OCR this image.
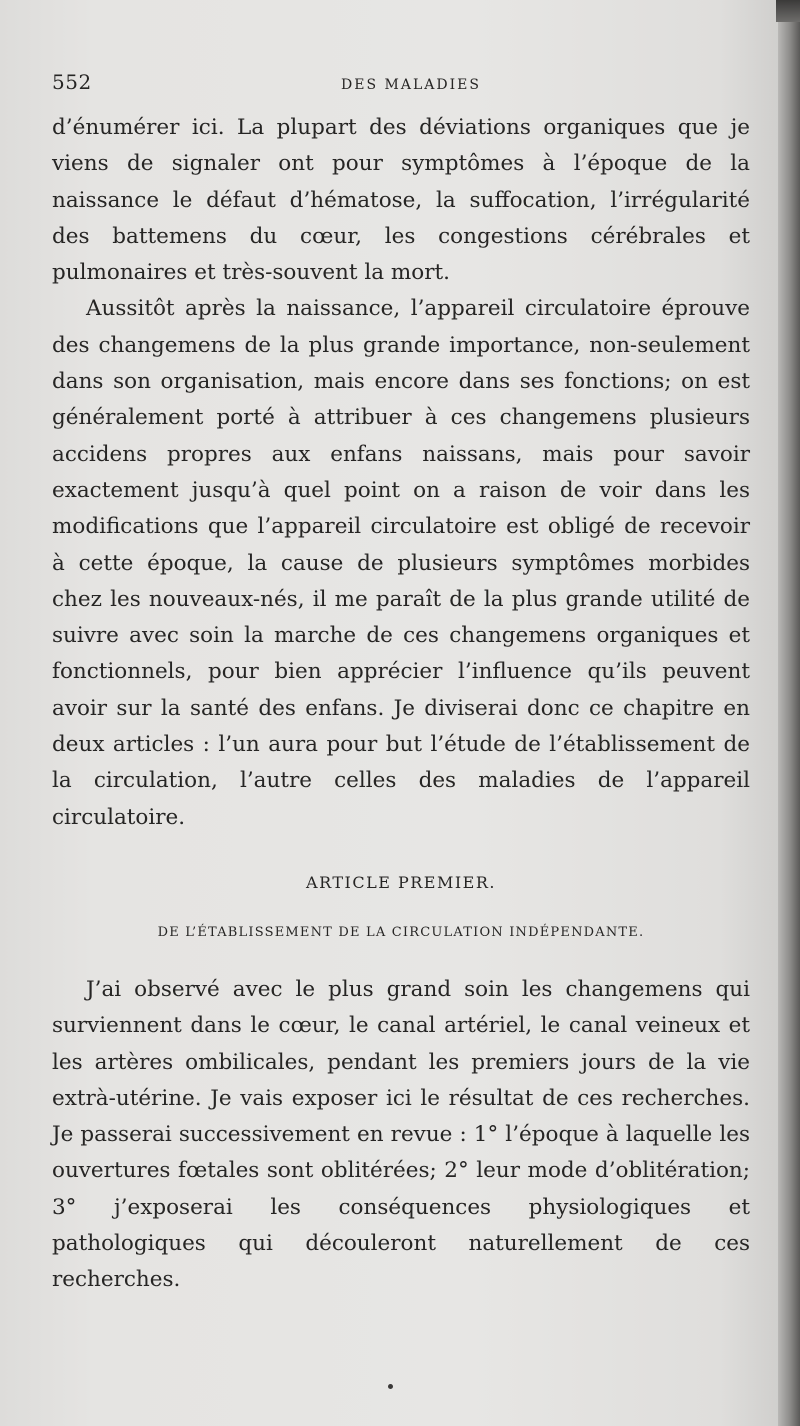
552	DES MALADIES

d’énumérer ici. La plupart des déviations organiques que je viens de signaler ont pour symptômes à l’époque de la naissance le défaut d’hématose, la suffocation, l’irrégularité des battemens du cœur, les congestions cérébrales et pulmonaires et très-souvent la mort.

Aussitôt après la naissance, l’appareil circulatoire éprouve des changemens de la plus grande importance, non-seulement dans son organisation, mais encore dans ses fonctions; on est généralement porté à attribuer à ces changemens plusieurs accidens propres aux enfans naissans, mais pour savoir exactement jusqu’à quel point on a raison de voir dans les modifications que l’appareil circulatoire est obligé de recevoir à cette époque, la cause de plusieurs symptômes morbides chez les nouveaux-nés, il me paraît de la plus grande utilité de suivre avec soin la marche de ces changemens organiques et fonctionnels, pour bien apprécier l’influence qu’ils peuvent avoir sur la santé des enfans. Je diviserai donc ce chapitre en deux articles : l’un aura pour but l’étude de l’établissement de la circulation, l’autre celles des maladies de l’appareil circulatoire.

ARTICLE PREMIER.
DE L’ÉTABLISSEMENT DE LA CIRCULATION INDÉPENDANTE.

J’ai observé avec le plus grand soin les changemens qui surviennent dans le cœur, le canal artériel, le canal veineux et les artères ombilicales, pendant les premiers jours de la vie extrà-utérine. Je vais exposer ici le résultat de ces recherches. Je passerai successivement en revue : 1° l’époque à laquelle les ouvertures fœtales sont oblitérées; 2° leur mode d’oblitération; 3° j’exposerai les conséquences physiologiques et pathologiques qui découleront naturellement de ces recherches.
